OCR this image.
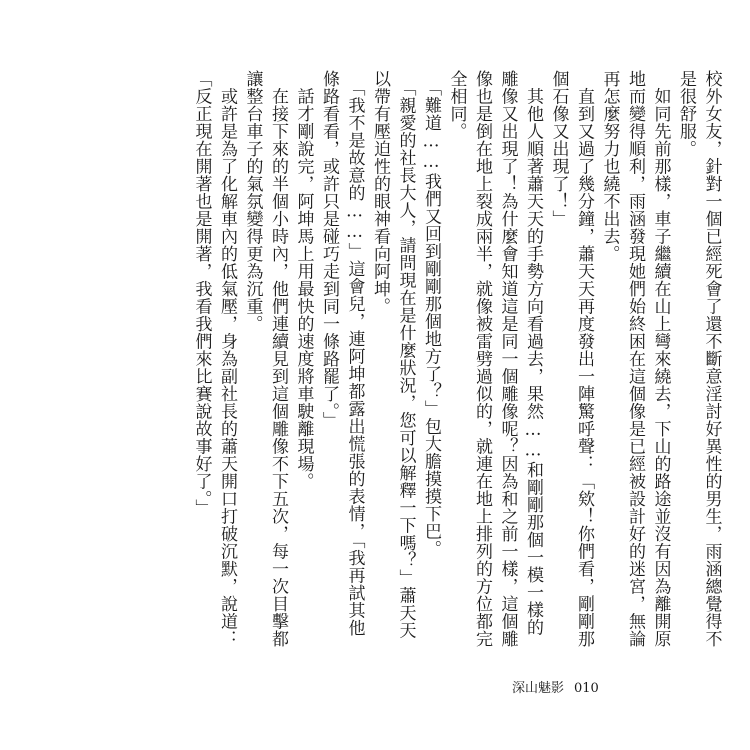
校外女友，針對一個已經死會了還不斷意淫討好異性的男生，雨涵總覺得不是很舒服。
　如同先前那樣，車子繼續在山上彎來繞去，下山的路途並沒有因為離開原地而變得順利，雨涵發現她們始終困在這個像是已經被設計好的迷宮，無論再怎麼努力也繞不出去。
　直到又過了幾分鐘，蕭天天再度發出一陣驚呼聲：「欸！你們看，剛剛那個石像又出現了！」
　其他人順著蕭天天的手勢方向看過去，果然……和剛剛那個一模一樣的雕像又出現了！為什麼會知道這是同一個雕像呢？因為和之前一樣，這個雕像也是倒在地上裂成兩半，就像被雷劈過似的，就連在地上排列的方位都完全相同。
　「難道……我們又回到剛剛那個地方了？」包大膽摸摸下巴。
　「親愛的社長大人，請問現在是什麼狀況，您可以解釋一下嗎？」蕭天天以帶有壓迫性的眼神看向阿坤。
　「我不是故意的……」這會兒，連阿坤都露出慌張的表情，「我再試其他條路看看，或許只是碰巧走到同一條路罷了。」
　話才剛說完，阿坤馬上用最快的速度將車駛離現場。
　在接下來的半個小時內，他們連續見到這個雕像不下五次，每一次目擊都讓整台車子的氣氛變得更為沉重。
　或許是為了化解車內的低氣壓，身為副社長的蕭天開口打破沉默，說道：「反正現在開著也是開著，我看我們來比賽說故事好了。」
深山魅影 010
